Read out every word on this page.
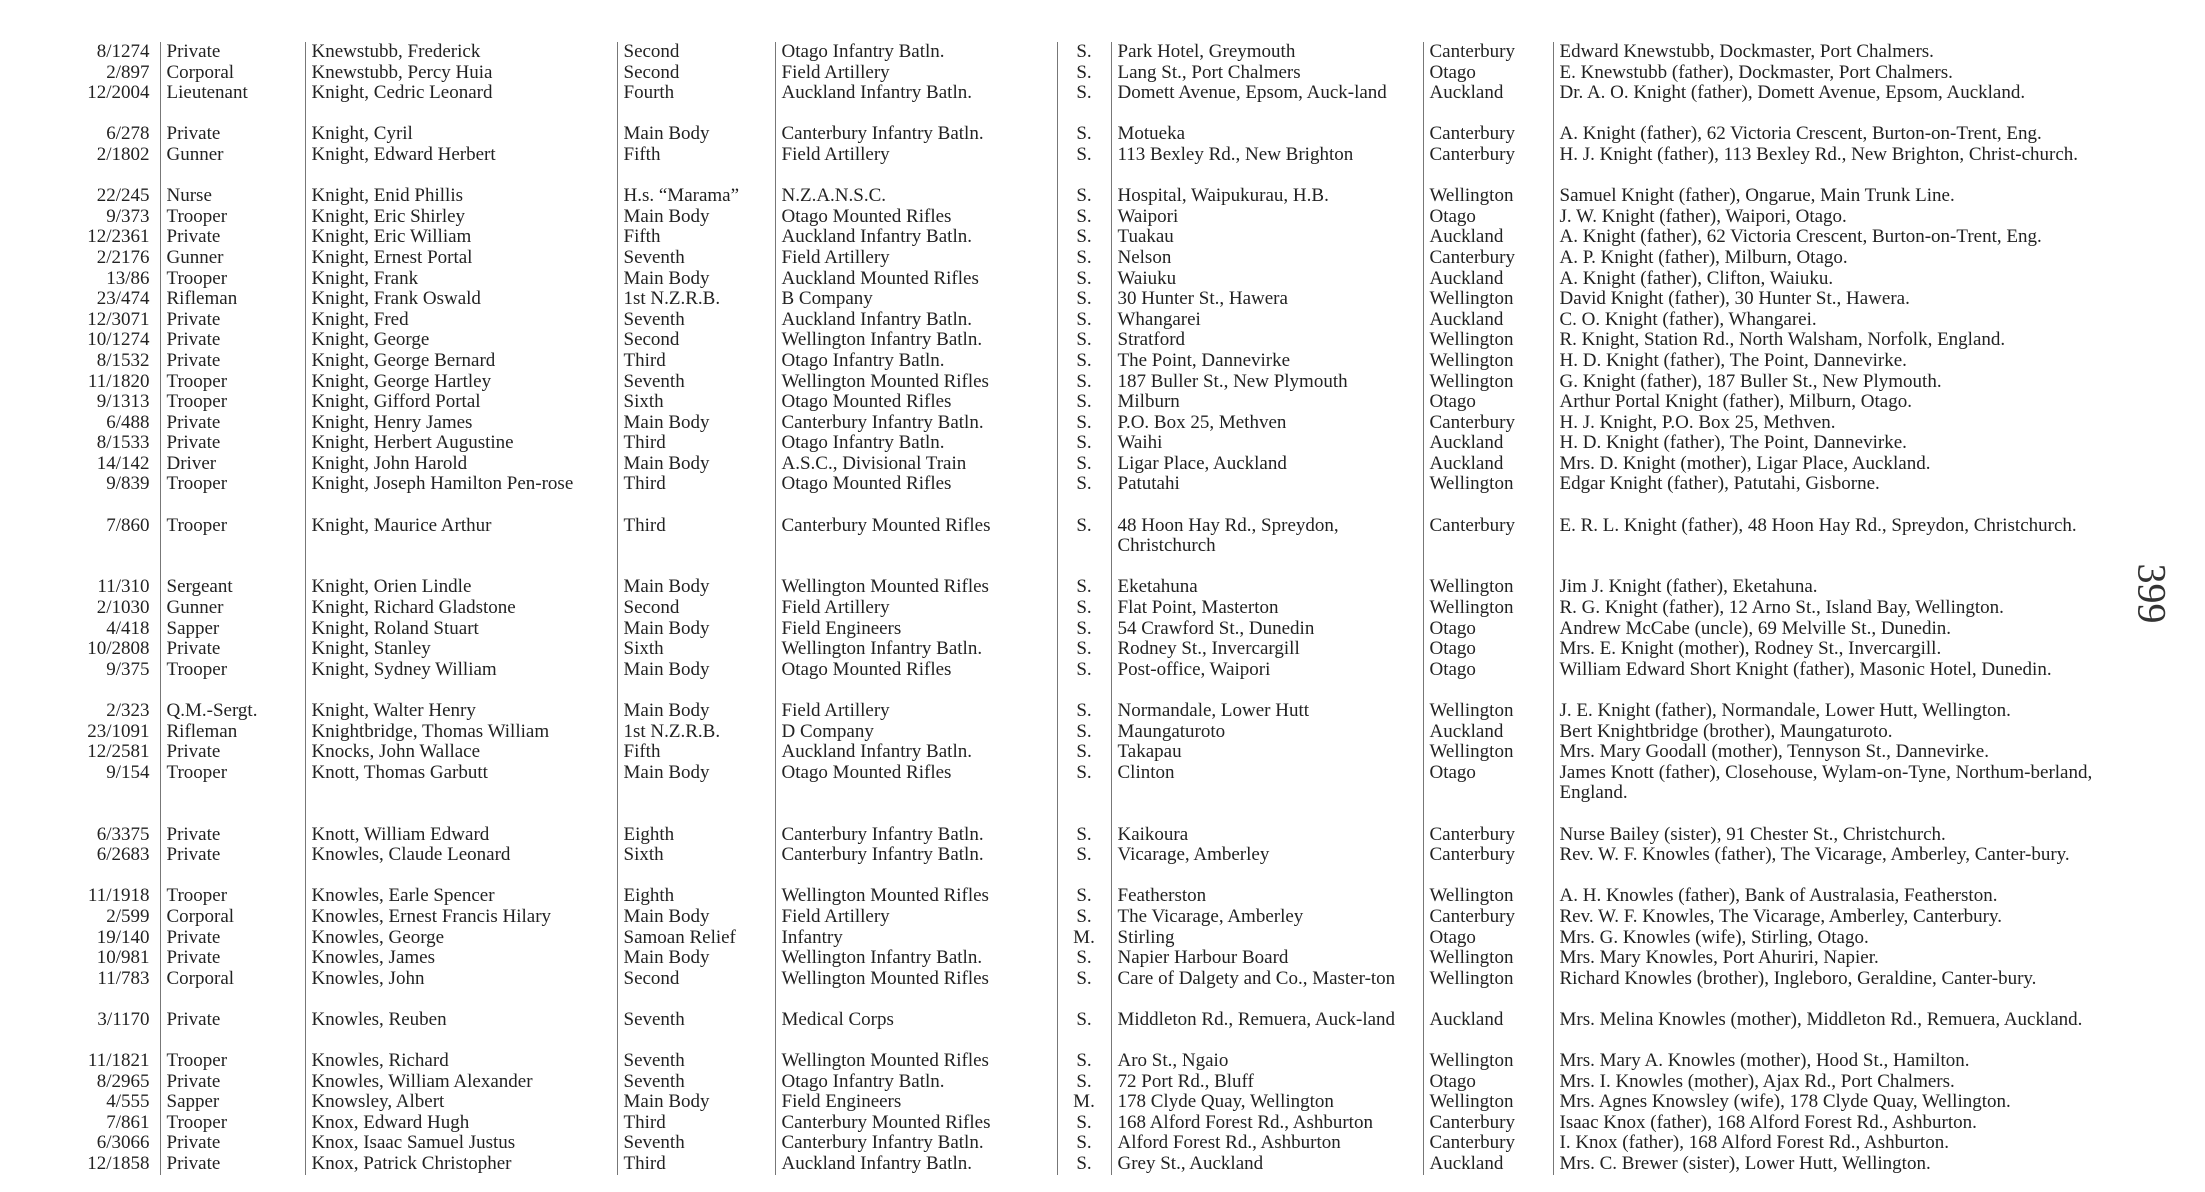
8/1274	Private	Knewstubb, Frederick	Second	Otago Infantry Batln.	S.	Park Hotel, Greymouth	Canterbury	Edward Knewstubb, Dockmaster, Port Chalmers.
2/897	Corporal	Knewstubb, Percy Huia	Second	Field Artillery	S.	Lang St., Port Chalmers	Otago	E. Knewstubb (father), Dockmaster, Port Chalmers.
12/2004	Lieutenant	Knight, Cedric Leonard	Fourth	Auckland Infantry Batln.	S.	Domett Avenue, Epsom, Auck-land	Auckland	Dr. A. O. Knight (father), Domett Avenue, Epsom, Auckland.
6/278	Private	Knight, Cyril	Main Body	Canterbury Infantry Batln.	S.	Motueka	Canterbury	A. Knight (father), 62 Victoria Crescent, Burton-on-Trent, Eng.
2/1802	Gunner	Knight, Edward Herbert	Fifth	Field Artillery	S.	113 Bexley Rd., New Brighton	Canterbury	H. J. Knight (father), 113 Bexley Rd., New Brighton, Christ-church.
22/245	Nurse	Knight, Enid Phillis	H.s. “Marama”	N.Z.A.N.S.C.	S.	Hospital, Waipukurau, H.B.	Wellington	Samuel Knight (father), Ongarue, Main Trunk Line.
9/373	Trooper	Knight, Eric Shirley	Main Body	Otago Mounted Rifles	S.	Waipori	Otago	J. W. Knight (father), Waipori, Otago.
12/2361	Private	Knight, Eric William	Fifth	Auckland Infantry Batln.	S.	Tuakau	Auckland	A. Knight (father), 62 Victoria Crescent, Burton-on-Trent, Eng.
2/2176	Gunner	Knight, Ernest Portal	Seventh	Field Artillery	S.	Nelson	Canterbury	A. P. Knight (father), Milburn, Otago.
13/86	Trooper	Knight, Frank	Main Body	Auckland Mounted Rifles	S.	Waiuku	Auckland	A. Knight (father), Clifton, Waiuku.
23/474	Rifleman	Knight, Frank Oswald	1st N.Z.R.B.	B Company	S.	30 Hunter St., Hawera	Wellington	David Knight (father), 30 Hunter St., Hawera.
12/3071	Private	Knight, Fred	Seventh	Auckland Infantry Batln.	S.	Whangarei	Auckland	C. O. Knight (father), Whangarei.
10/1274	Private	Knight, George	Second	Wellington Infantry Batln.	S.	Stratford	Wellington	R. Knight, Station Rd., North Walsham, Norfolk, England.
8/1532	Private	Knight, George Bernard	Third	Otago Infantry Batln.	S.	The Point, Dannevirke	Wellington	H. D. Knight (father), The Point, Dannevirke.
11/1820	Trooper	Knight, George Hartley	Seventh	Wellington Mounted Rifles	S.	187 Buller St., New Plymouth	Wellington	G. Knight (father), 187 Buller St., New Plymouth.
9/1313	Trooper	Knight, Gifford Portal	Sixth	Otago Mounted Rifles	S.	Milburn	Otago	Arthur Portal Knight (father), Milburn, Otago.
6/488	Private	Knight, Henry James	Main Body	Canterbury Infantry Batln.	S.	P.O. Box 25, Methven	Canterbury	H. J. Knight, P.O. Box 25, Methven.
8/1533	Private	Knight, Herbert Augustine	Third	Otago Infantry Batln.	S.	Waihi	Auckland	H. D. Knight (father), The Point, Dannevirke.
14/142	Driver	Knight, John Harold	Main Body	A.S.C., Divisional Train	S.	Ligar Place, Auckland	Auckland	Mrs. D. Knight (mother), Ligar Place, Auckland.
9/839	Trooper	Knight, Joseph Hamilton Pen-rose	Third	Otago Mounted Rifles	S.	Patutahi	Wellington	Edgar Knight (father), Patutahi, Gisborne.
7/860	Trooper	Knight, Maurice Arthur	Third	Canterbury Mounted Rifles	S.	48 Hoon Hay Rd., Spreydon, Christchurch	Canterbury	E. R. L. Knight (father), 48 Hoon Hay Rd., Spreydon, Christchurch.
11/310	Sergeant	Knight, Orien Lindle	Main Body	Wellington Mounted Rifles	S.	Eketahuna	Wellington	Jim J. Knight (father), Eketahuna.
2/1030	Gunner	Knight, Richard Gladstone	Second	Field Artillery	S.	Flat Point, Masterton	Wellington	R. G. Knight (father), 12 Arno St., Island Bay, Wellington.
4/418	Sapper	Knight, Roland Stuart	Main Body	Field Engineers	S.	54 Crawford St., Dunedin	Otago	Andrew McCabe (uncle), 69 Melville St., Dunedin.
10/2808	Private	Knight, Stanley	Sixth	Wellington Infantry Batln.	S.	Rodney St., Invercargill	Otago	Mrs. E. Knight (mother), Rodney St., Invercargill.
9/375	Trooper	Knight, Sydney William	Main Body	Otago Mounted Rifles	S.	Post-office, Waipori	Otago	William Edward Short Knight (father), Masonic Hotel, Dunedin.
2/323	Q.M.-Sergt.	Knight, Walter Henry	Main Body	Field Artillery	S.	Normandale, Lower Hutt	Wellington	J. E. Knight (father), Normandale, Lower Hutt, Wellington.
23/1091	Rifleman	Knightbridge, Thomas William	1st N.Z.R.B.	D Company	S.	Maungaturoto	Auckland	Bert Knightbridge (brother), Maungaturoto.
12/2581	Private	Knocks, John Wallace	Fifth	Auckland Infantry Batln.	S.	Takapau	Wellington	Mrs. Mary Goodall (mother), Tennyson St., Dannevirke.
9/154	Trooper	Knott, Thomas Garbutt	Main Body	Otago Mounted Rifles	S.	Clinton	Otago	James Knott (father), Closehouse, Wylam-on-Tyne, Northum-berland, England.
6/3375	Private	Knott, William Edward	Eighth	Canterbury Infantry Batln.	S.	Kaikoura	Canterbury	Nurse Bailey (sister), 91 Chester St., Christchurch.
6/2683	Private	Knowles, Claude Leonard	Sixth	Canterbury Infantry Batln.	S.	Vicarage, Amberley	Canterbury	Rev. W. F. Knowles (father), The Vicarage, Amberley, Canter-bury.
11/1918	Trooper	Knowles, Earle Spencer	Eighth	Wellington Mounted Rifles	S.	Featherston	Wellington	A. H. Knowles (father), Bank of Australasia, Featherston.
2/599	Corporal	Knowles, Ernest Francis Hilary	Main Body	Field Artillery	S.	The Vicarage, Amberley	Canterbury	Rev. W. F. Knowles, The Vicarage, Amberley, Canterbury.
19/140	Private	Knowles, George	Samoan Relief	Infantry	M.	Stirling	Otago	Mrs. G. Knowles (wife), Stirling, Otago.
10/981	Private	Knowles, James	Main Body	Wellington Infantry Batln.	S.	Napier Harbour Board	Wellington	Mrs. Mary Knowles, Port Ahuriri, Napier.
11/783	Corporal	Knowles, John	Second	Wellington Mounted Rifles	S.	Care of Dalgety and Co., Master-ton	Wellington	Richard Knowles (brother), Ingleboro, Geraldine, Canter-bury.
3/1170	Private	Knowles, Reuben	Seventh	Medical Corps	S.	Middleton Rd., Remuera, Auck-land	Auckland	Mrs. Melina Knowles (mother), Middleton Rd., Remuera, Auckland.
11/1821	Trooper	Knowles, Richard	Seventh	Wellington Mounted Rifles	S.	Aro St., Ngaio	Wellington	Mrs. Mary A. Knowles (mother), Hood St., Hamilton.
8/2965	Private	Knowles, William Alexander	Seventh	Otago Infantry Batln.	S.	72 Port Rd., Bluff	Otago	Mrs. I. Knowles (mother), Ajax Rd., Port Chalmers.
4/555	Sapper	Knowsley, Albert	Main Body	Field Engineers	M.	178 Clyde Quay, Wellington	Wellington	Mrs. Agnes Knowsley (wife), 178 Clyde Quay, Wellington.
7/861	Trooper	Knox, Edward Hugh	Third	Canterbury Mounted Rifles	S.	168 Alford Forest Rd., Ashburton	Canterbury	Isaac Knox (father), 168 Alford Forest Rd., Ashburton.
6/3066	Private	Knox, Isaac Samuel Justus	Seventh	Canterbury Infantry Batln.	S.	Alford Forest Rd., Ashburton	Canterbury	I. Knox (father), 168 Alford Forest Rd., Ashburton.
12/1858	Private	Knox, Patrick Christopher	Third	Auckland Infantry Batln.	S.	Grey St., Auckland	Auckland	Mrs. C. Brewer (sister), Lower Hutt, Wellington.
399
